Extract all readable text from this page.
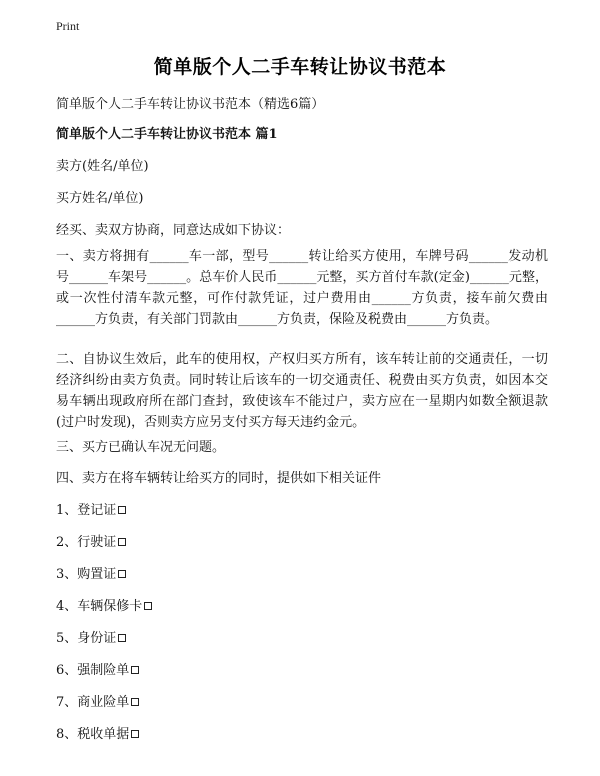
Print
简单版个人二手车转让协议书范本
简单版个人二手车转让协议书范本（精选6篇）
简单版个人二手车转让协议书范本 篇1
卖方(姓名/单位)
买方姓名/单位)
经买、卖双方协商，同意达成如下协议：
一、卖方将拥有______车一部，型号______转让给买方使用，车牌号码______发动机号______车架号______。总车价人民币______元整，买方首付车款(定金)______元整，或一次性付清车款元整，可作付款凭证，过户费用由______方负责，接车前欠费由______方负责，有关部门罚款由______方负责，保险及税费由______方负责。
二、自协议生效后，此车的使用权，产权归买方所有，该车转让前的交通责任，一切经济纠纷由卖方负责。同时转让后该车的一切交通责任、税费由买方负责，如因本交易车辆出现政府所在部门查封，致使该车不能过户，卖方应在一星期内如数全额退款(过户时发现)，否则卖方应另支付买方每天违约金元。
三、买方已确认车况无问题。
四、卖方在将车辆转让给买方的同时，提供如下相关证件
1、登记证
2、行驶证
3、购置证
4、车辆保修卡
5、身份证
6、强制险单
7、商业险单
8、税收单据
